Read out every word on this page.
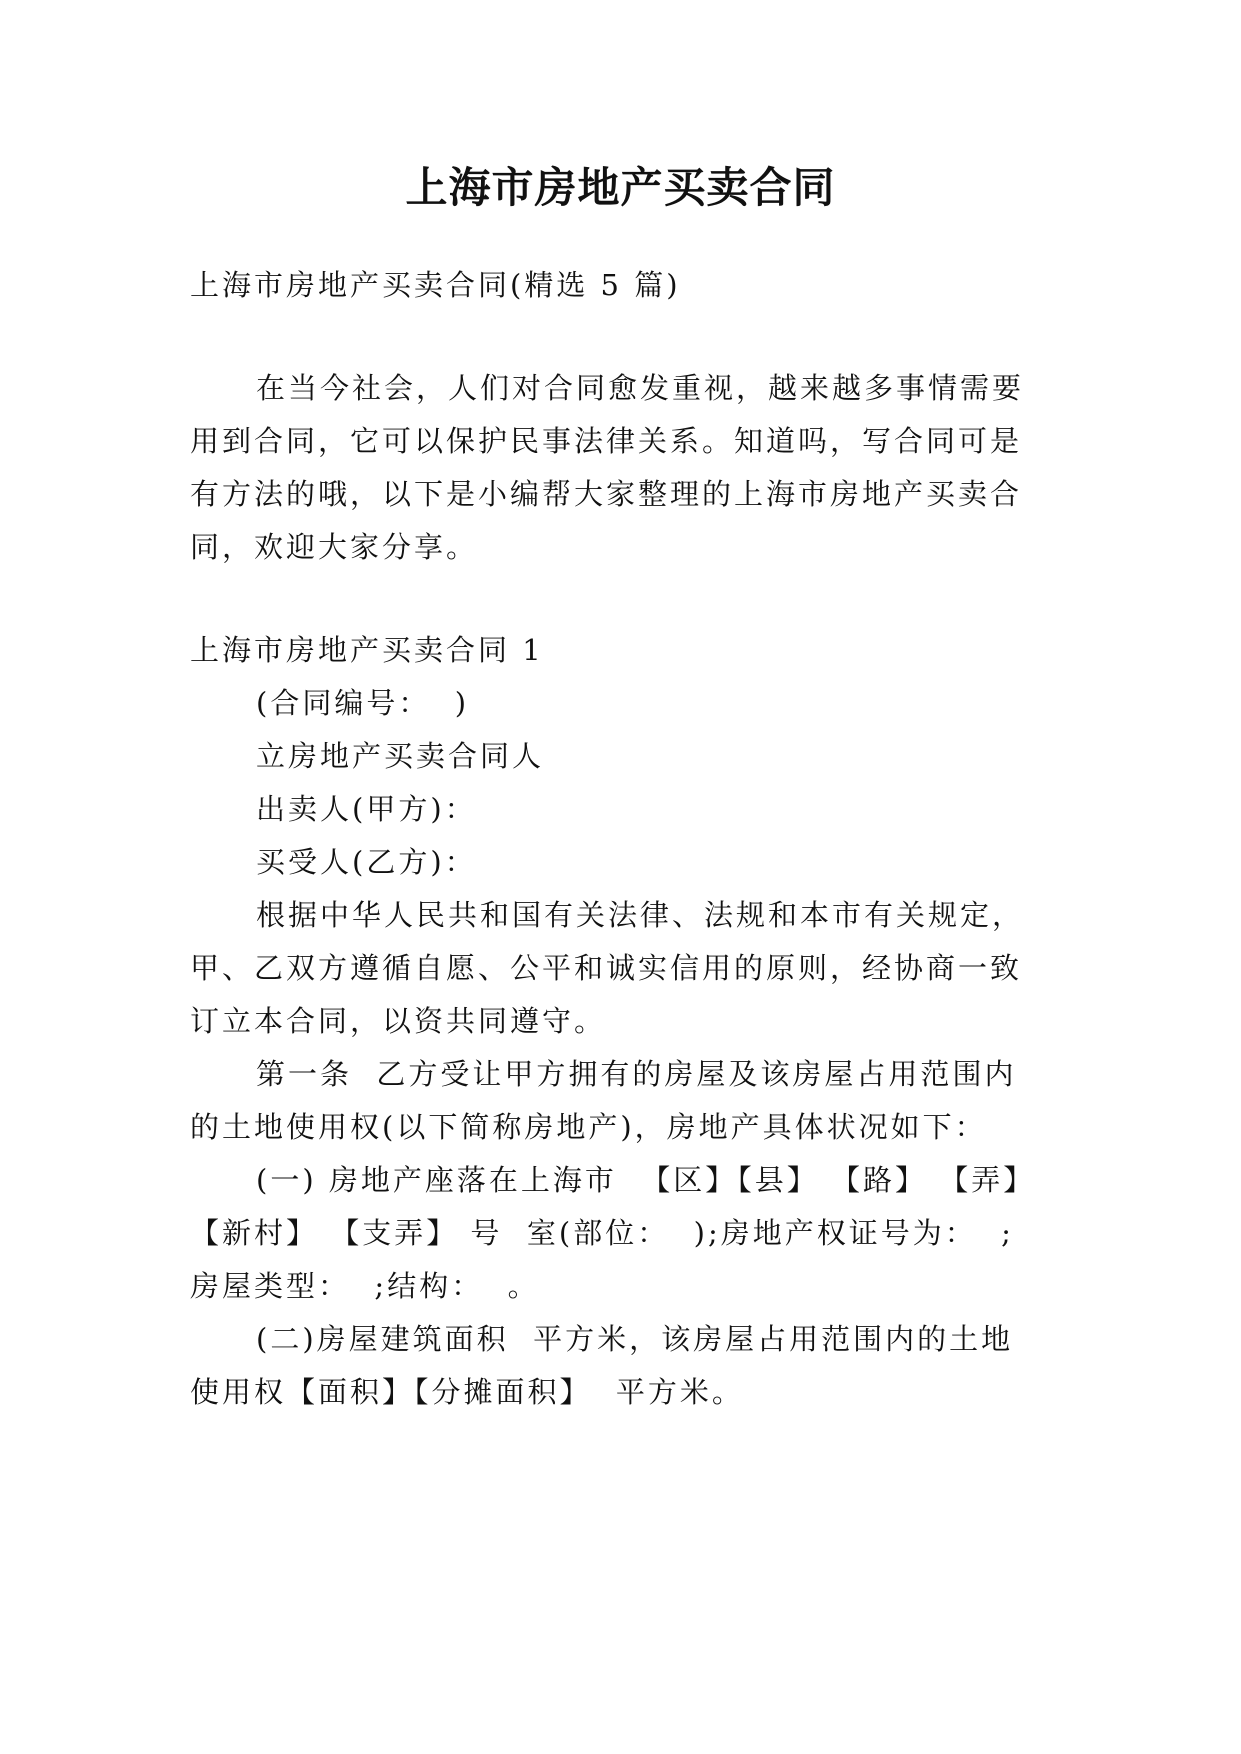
上海市房地产买卖合同
上海市房地产买卖合同(精选 5 篇)
在当今社会，人们对合同愈发重视，越来越多事情需要
用到合同，它可以保护民事法律关系。知道吗，写合同可是
有方法的哦，以下是小编帮大家整理的上海市房地产买卖合
同，欢迎大家分享。
上海市房地产买卖合同 1
(合同编号：  )
立房地产买卖合同人
出卖人(甲方)：
买受人(乙方)：
根据中华人民共和国有关法律、法规和本市有关规定，
甲、乙双方遵循自愿、公平和诚实信用的原则，经协商一致
订立本合同，以资共同遵守。
第一条  乙方受让甲方拥有的房屋及该房屋占用范围内
的土地使用权(以下简称房地产)，房地产具体状况如下：
(一) 房地产座落在上海市  【区】【县】 【路】 【弄】
【新村】 【支弄】 号  室(部位：  );房地产权证号为：  ;
房屋类型：  ;结构：  。
(二)房屋建筑面积  平方米，该房屋占用范围内的土地
使用权【面积】【分摊面积】  平方米。
